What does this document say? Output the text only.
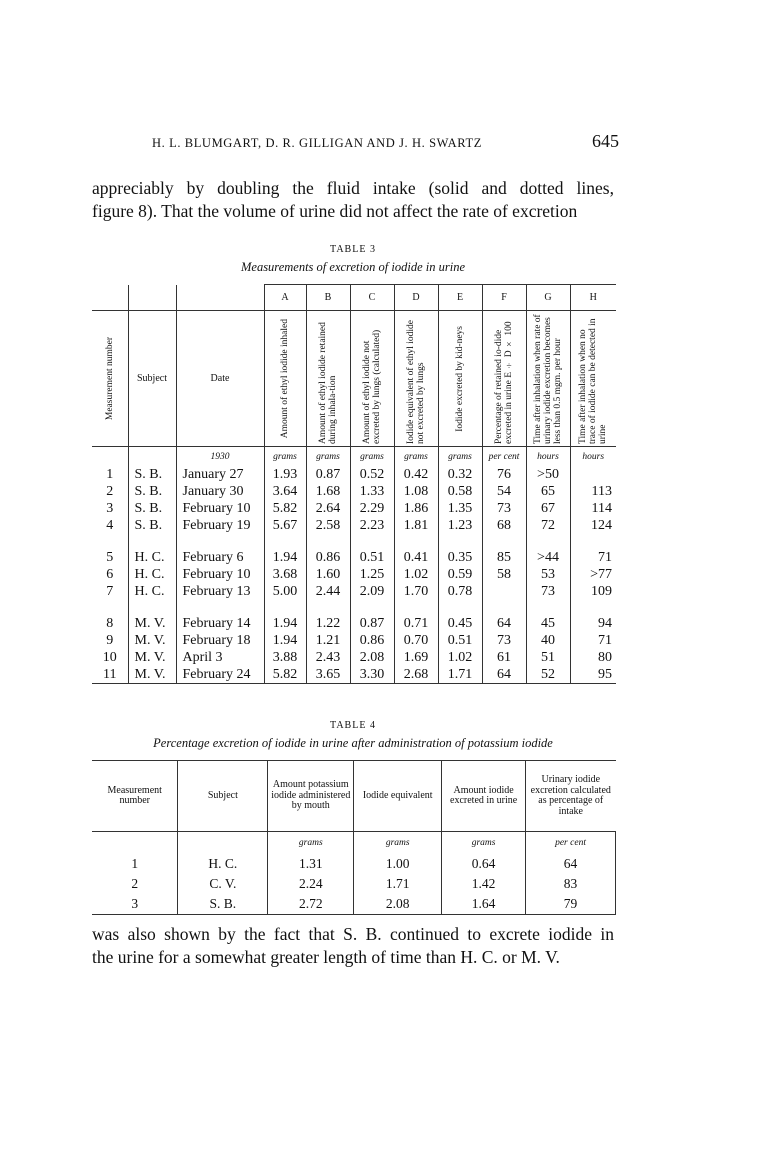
H. L. BLUMGART, D. R. GILLIGAN AND J. H. SWARTZ	645
appreciably by doubling the fluid intake (solid and dotted lines,
figure 8). That the volume of urine did not affect the rate of excretion
TABLE 3
Measurements of excretion of iodide in urine
			A	B	C	D	E	F	G	H

Measurement number	Subject	Date	Amount of ethyl iodide inhaled	Amount of ethyl iodide retained during inhala-tion	Amount of ethyl iodide not excreted by lungs (calculated)	Iodide equivalent of ethyl iodide not excreted by lungs	Iodide excreted by kid-neys	Percentage of retained io-dide excreted in urine E ÷ D × 100	Time after inhalation when rate of urinary iodide excretion becomes less than 0.5 mgm. per hour	Time after inhalation when no trace of iodide can be detected in urine

		1930	grams	grams	grams	grams	grams	per cent	hours	hours
1	S. B.	January 27	1.93	0.87	0.52	0.42	0.32	76	>50	
2	S. B.	January 30	3.64	1.68	1.33	1.08	0.58	54	65	113
3	S. B.	February 10	5.82	2.64	2.29	1.86	1.35	73	67	114
4	S. B.	February 19	5.67	2.58	2.23	1.81	1.23	68	72	124

5	H. C.	February 6	1.94	0.86	0.51	0.41	0.35	85	>44	71
6	H. C.	February 10	3.68	1.60	1.25	1.02	0.59	58	53	>77
7	H. C.	February 13	5.00	2.44	2.09	1.70	0.78		73	109

8	M. V.	February 14	1.94	1.22	0.87	0.71	0.45	64	45	94
9	M. V.	February 18	1.94	1.21	0.86	0.70	0.51	73	40	71
10	M. V.	April 3	3.88	2.43	2.08	1.69	1.02	61	51	80
11	M. V.	February 24	5.82	3.65	3.30	2.68	1.71	64	52	95
TABLE 4
Percentage excretion of iodide in urine after administration of potassium iodide
Measurement number	Subject	Amount potassium iodide administered by mouth	Iodide equivalent	Amount iodide excreted in urine	Urinary iodide excretion calculated as percentage of intake
		grams	grams	grams	per cent
1	H. C.	1.31	1.00	0.64	64
2	C. V.	2.24	1.71	1.42	83
3	S. B.	2.72	2.08	1.64	79
was also shown by the fact that S. B. continued to excrete iodide in
the urine for a somewhat greater length of time than H. C. or M. V.
